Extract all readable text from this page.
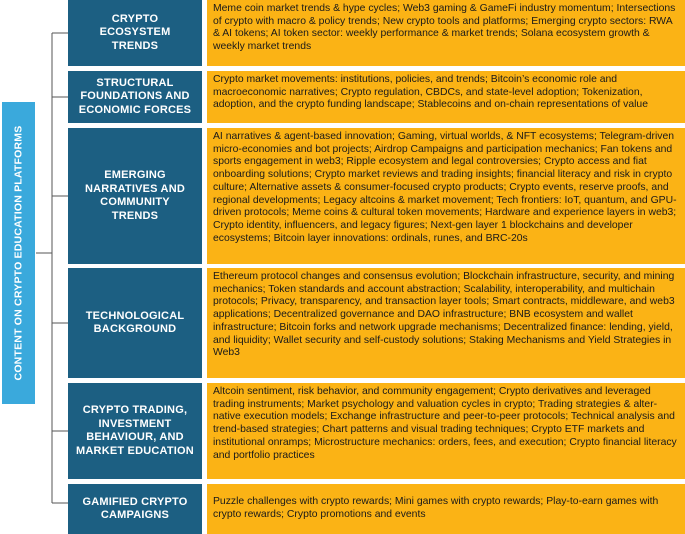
CONTENT ON CRYPTO EDUCATION PLATFORMS
CRYPTO ECOSYSTEM TRENDS
Meme coin market trends & hype cycles; Web3 gaming & GameFi industry momentum; Intersections of crypto with macro & policy trends; New crypto tools and platforms; Emerging crypto sectors: RWA & AI tokens; AI token sector: weekly performance & market trends; Solana ecosystem growth & weekly market trends
STRUCTURAL FOUNDATIONS AND ECONOMIC FORCES
Crypto market movements: institutions, policies, and trends; Bitcoin’s economic role and macroeconomic narratives; Crypto regulation, CBDCs, and state-level adoption; Tokenization, adoption, and the crypto funding landscape; Stablecoins and on-chain representations of value
EMERGING NARRATIVES AND COMMUNITY TRENDS
AI narratives & agent-based innovation; Gaming, virtual worlds, & NFT ecosystems; Telegram-driven micro-economies and bot projects; Airdrop Campaigns and participation mechanics; Fan tokens and sports engagement in web3; Ripple ecosystem and legal controversies; Crypto access and fiat onboarding solutions; Crypto market reviews and trading insights; financial literacy and risk in crypto culture; Alternative assets & consumer-focused crypto products; Crypto events, reserve proofs, and regional developments; Legacy altcoins & market movement; Tech frontiers: IoT, quantum, and GPU-driven protocols; Meme coins & cultural token movements; Hardware and experience layers in web3; Crypto identity, influencers, and legacy figures; Next-gen layer 1 blockchains and developer ecosystems; Bitcoin layer innovations: ordinals, runes, and BRC-20s
TECHNOLOGICAL BACKGROUND
Ethereum protocol changes and consensus evolution; Blockchain infrastructure, security, and mining mechanics; Token standards and account abstraction; Scalability, interoperability, and multichain protocols; Privacy, transparency, and transaction layer tools; Smart contracts, middleware, and web3 applications; Decentralized governance and DAO infrastructure; BNB ecosystem and wallet infrastructure; Bitcoin forks and network upgrade mechanisms; Decentralized finance: lending, yield, and liquidity; Wallet security and self-custody solutions; Staking Mechanisms and Yield Strategies in Web3
CRYPTO TRADING, INVESTMENT BEHAVIOUR, AND MARKET EDUCATION
Altcoin sentiment, risk behavior, and community engagement; Crypto derivatives and leveraged trading instruments; Market psychology and valuation cycles in crypto; Trading strategies & alter-native execution models; Exchange infrastructure and peer-to-peer protocols; Technical analysis and trend-based strategies; Chart patterns and visual trading techniques; Crypto ETF markets and institutional onramps; Microstructure mechanics: orders, fees, and execution; Crypto financial literacy and portfolio practices
GAMIFIED CRYPTO CAMPAIGNS
Puzzle challenges with crypto rewards; Mini games with crypto rewards; Play-to-earn games with crypto rewards; Crypto promotions and events
